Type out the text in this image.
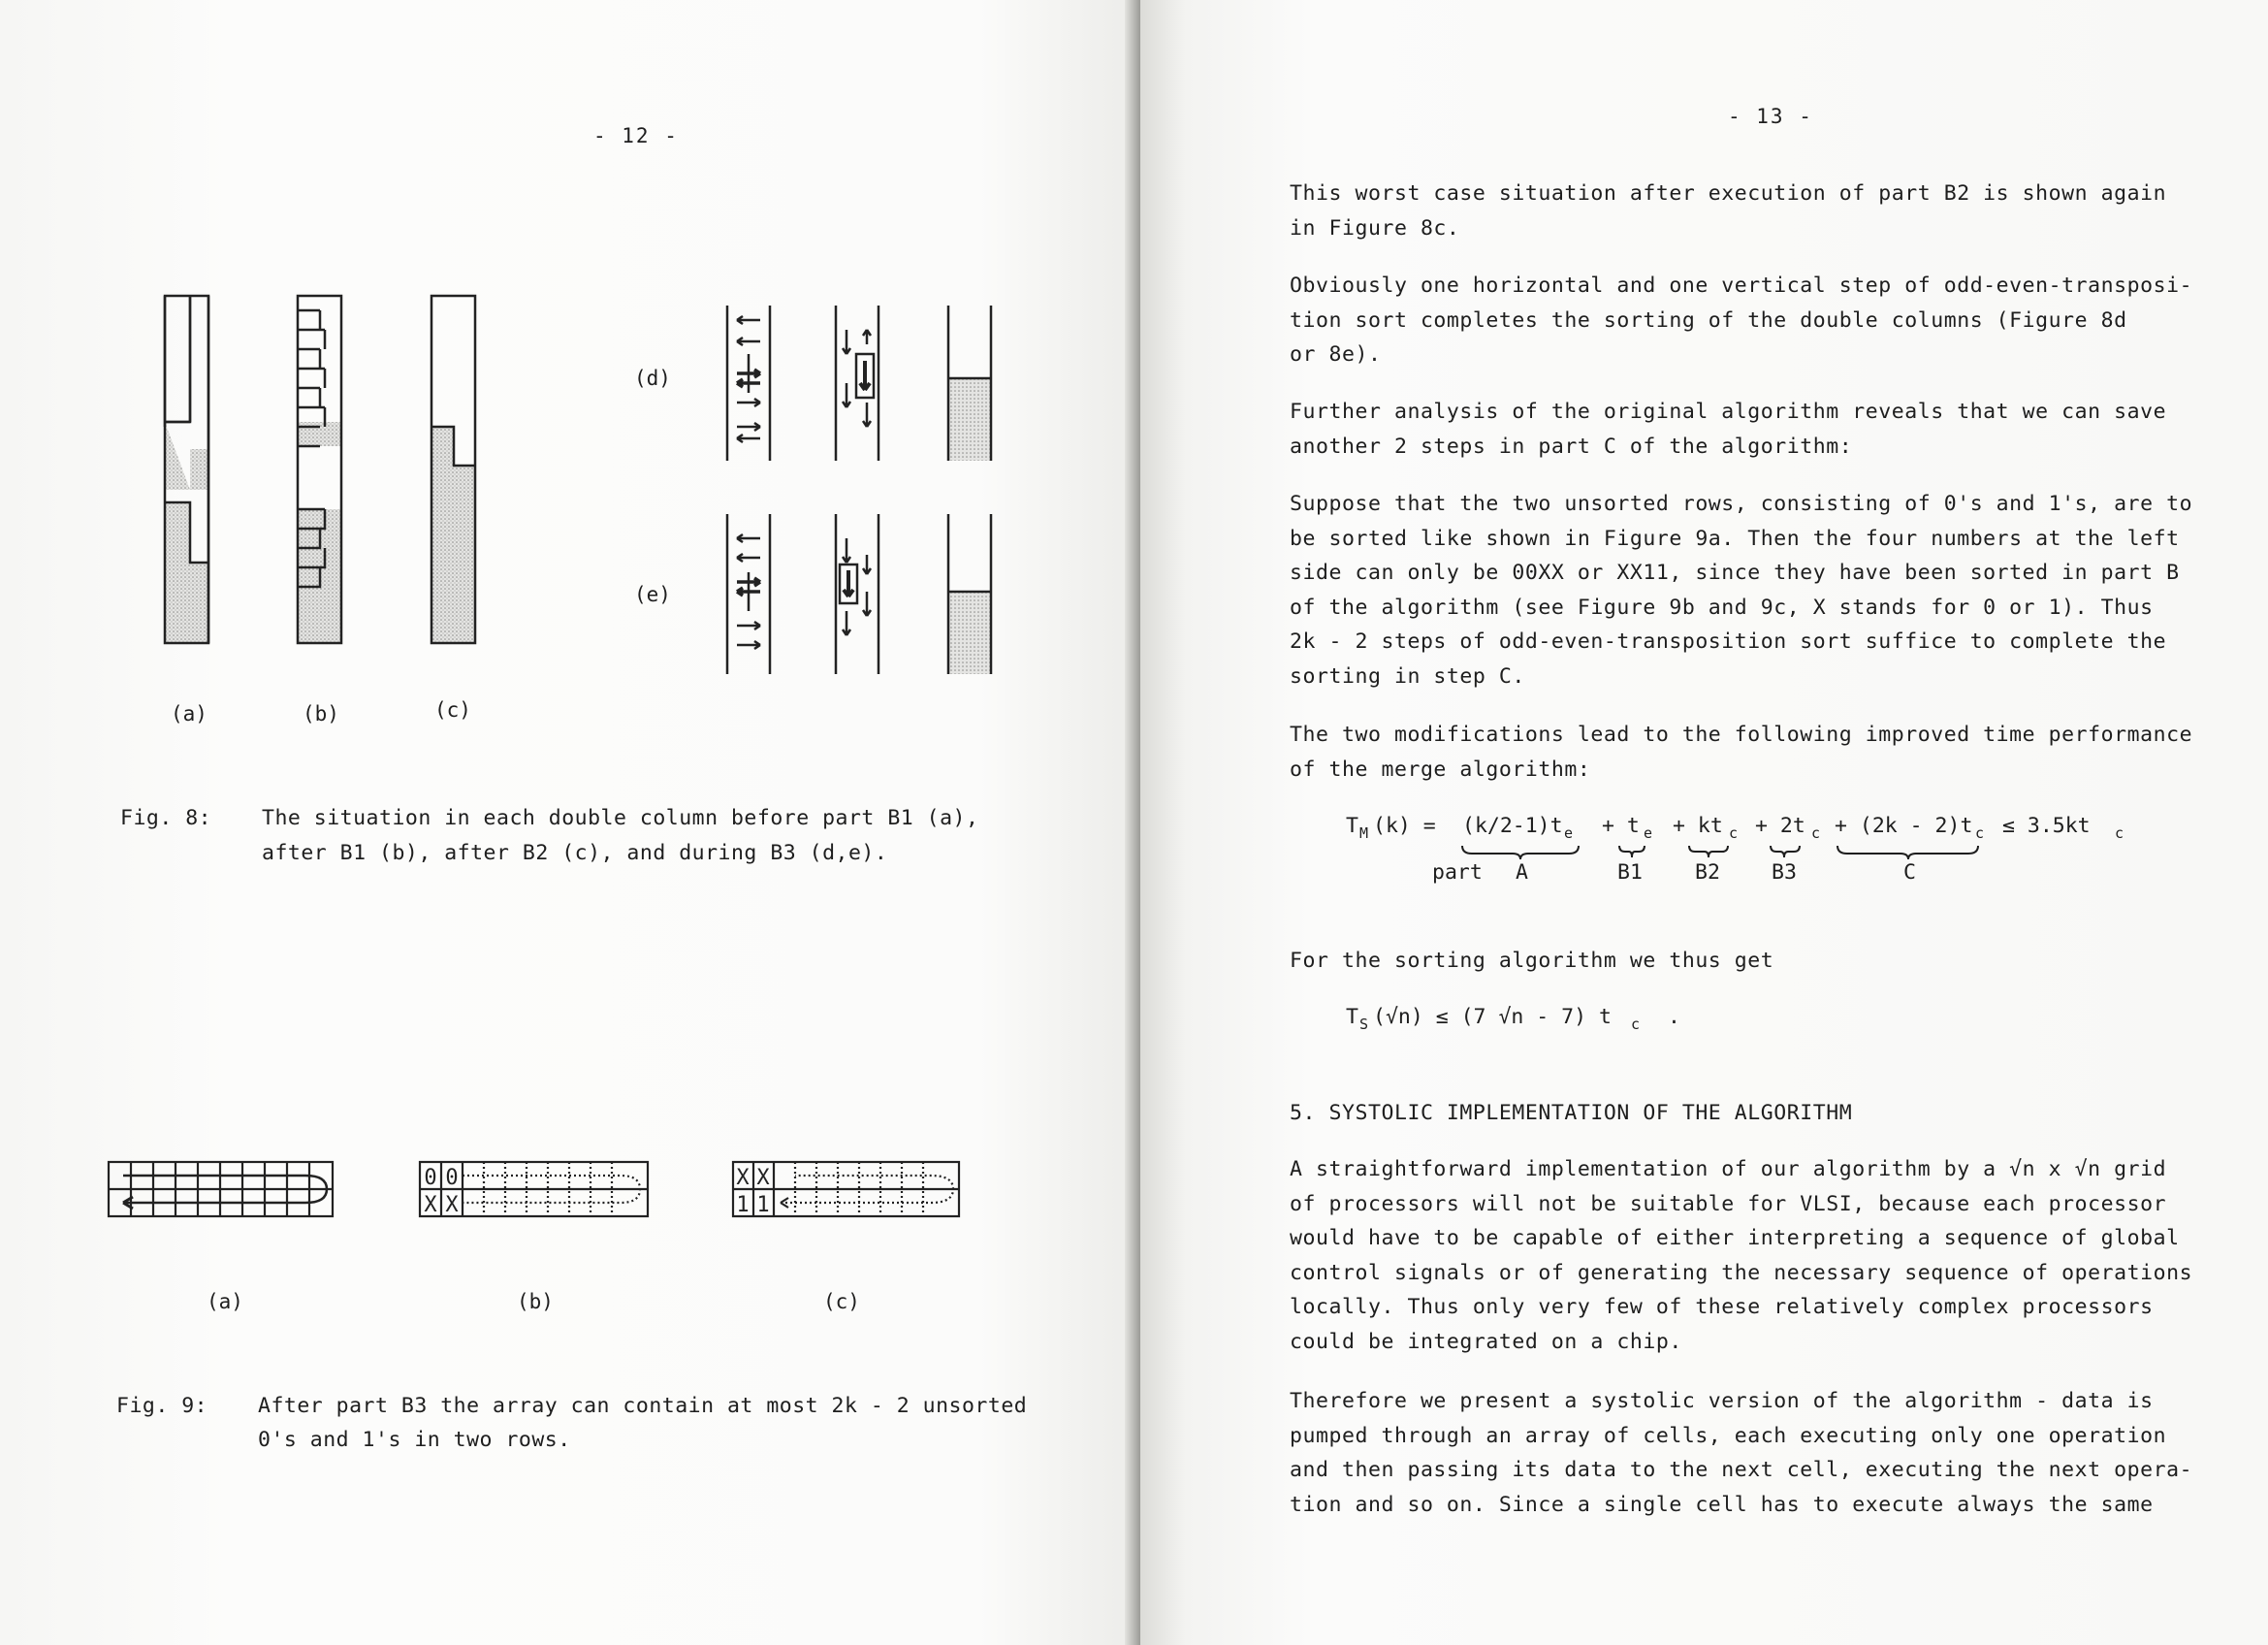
- 12 -
(a)	(b)	(c)
(d)
(e)
Fig. 8: The situation in each double column before part B1 (a),
after B1 (b), after B2 (c), and during B3 (d,e).
0 0
X X
X X
1 1
(a)	(b)	(c)
Fig. 9: After part B3 the array can contain at most 2k - 2 unsorted
0's and 1's in two rows.
- 13 -
This worst case situation after execution of part B2 is shown again
in Figure 8c.
Obviously one horizontal and one vertical step of odd-even-transposi-
tion sort completes the sorting of the double columns (Figure 8d
or 8e).
Further analysis of the original algorithm reveals that we can save
another 2 steps in part C of the algorithm:
Suppose that the two unsorted rows, consisting of 0's and 1's, are to
be sorted like shown in Figure 9a. Then the four numbers at the left
side can only be 00XX or XX11, since they have been sorted in part B
of the algorithm (see Figure 9b and 9c, X stands for 0 or 1). Thus
2k - 2 steps of odd-even-transposition sort suffice to complete the
sorting in step C.
The two modifications lead to the following improved time performance
of the merge algorithm:
T M (k) = (k/2-1)t e + t e + kt c + 2t c + (2k - 2)t c ≤ 3.5kt c
part A	B1	B2 B3	C
For the sorting algorithm we thus get
T S (√n) ≤ (7 √n - 7) t c .
5. SYSTOLIC IMPLEMENTATION OF THE ALGORITHM
A straightforward implementation of our algorithm by a √n x √n grid
of processors will not be suitable for VLSI, because each processor
would have to be capable of either interpreting a sequence of global
control signals or of generating the necessary sequence of operations
locally. Thus only very few of these relatively complex processors
could be integrated on a chip.
Therefore we present a systolic version of the algorithm - data is
pumped through an array of cells, each executing only one operation
and then passing its data to the next cell, executing the next opera-
tion and so on. Since a single cell has to execute always the same
